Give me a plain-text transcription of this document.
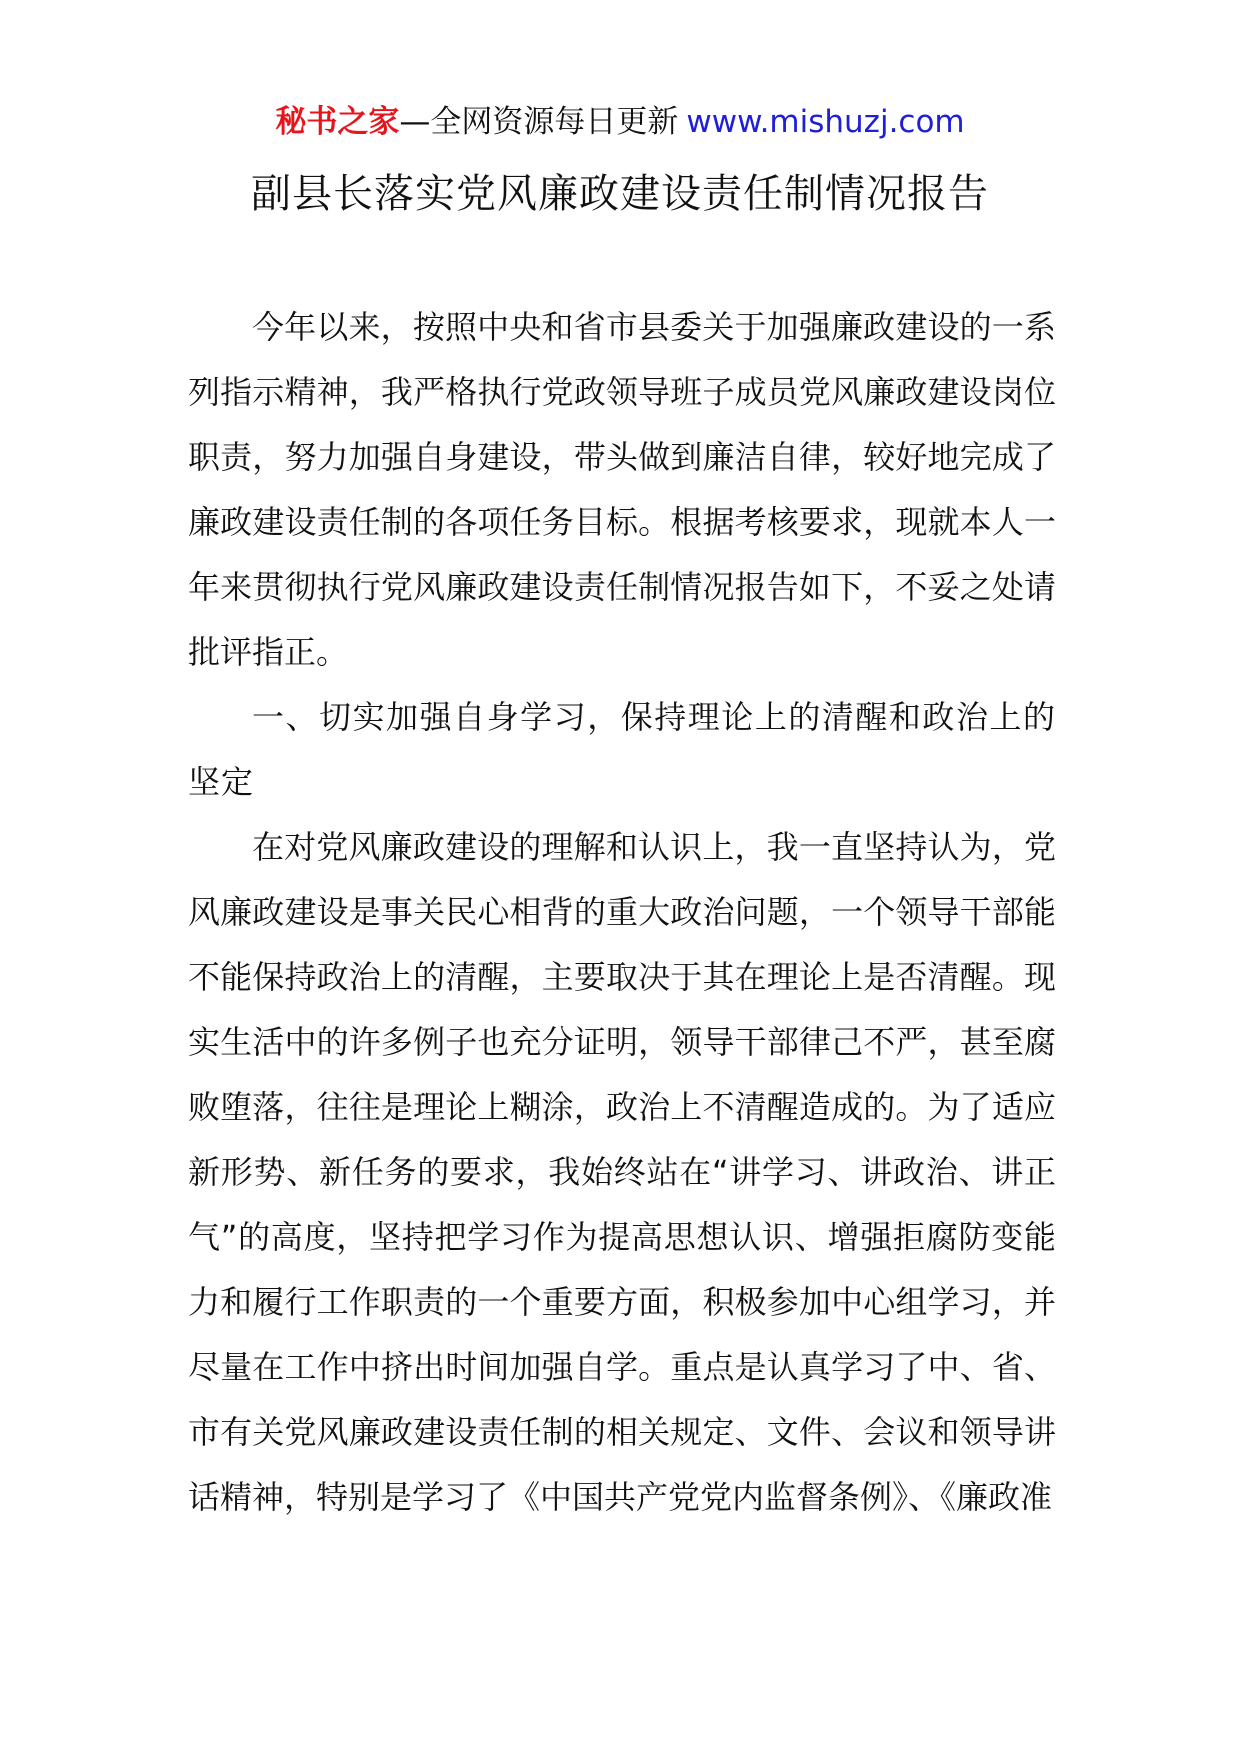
秘书之家—全网资源每日更新 www.mishuzj.com
副县长落实党风廉政建设责任制情况报告

今年以来，按照中央和省市县委关于加强廉政建设的一系列指示精神，我严格执行党政领导班子成员党风廉政建设岗位职责，努力加强自身建设，带头做到廉洁自律，较好地完成了廉政建设责任制的各项任务目标。根据考核要求，现就本人一年来贯彻执行党风廉政建设责任制情况报告如下，不妥之处请批评指正。

一、切实加强自身学习，保持理论上的清醒和政治上的坚定

在对党风廉政建设的理解和认识上，我一直坚持认为，党风廉政建设是事关民心相背的重大政治问题，一个领导干部能不能保持政治上的清醒，主要取决于其在理论上是否清醒。现实生活中的许多例子也充分证明，领导干部律己不严，甚至腐败堕落，往往是理论上糊涂，政治上不清醒造成的。为了适应新形势、新任务的要求，我始终站在“讲学习、讲政治、讲正气”的高度，坚持把学习作为提高思想认识、增强拒腐防变能力和履行工作职责的一个重要方面，积极参加中心组学习，并尽量在工作中挤出时间加强自学。重点是认真学习了中、省、市有关党风廉政建设责任制的相关规定、文件、会议和领导讲话精神，特别是学习了《中国共产党党内监督条例》、《廉政准
